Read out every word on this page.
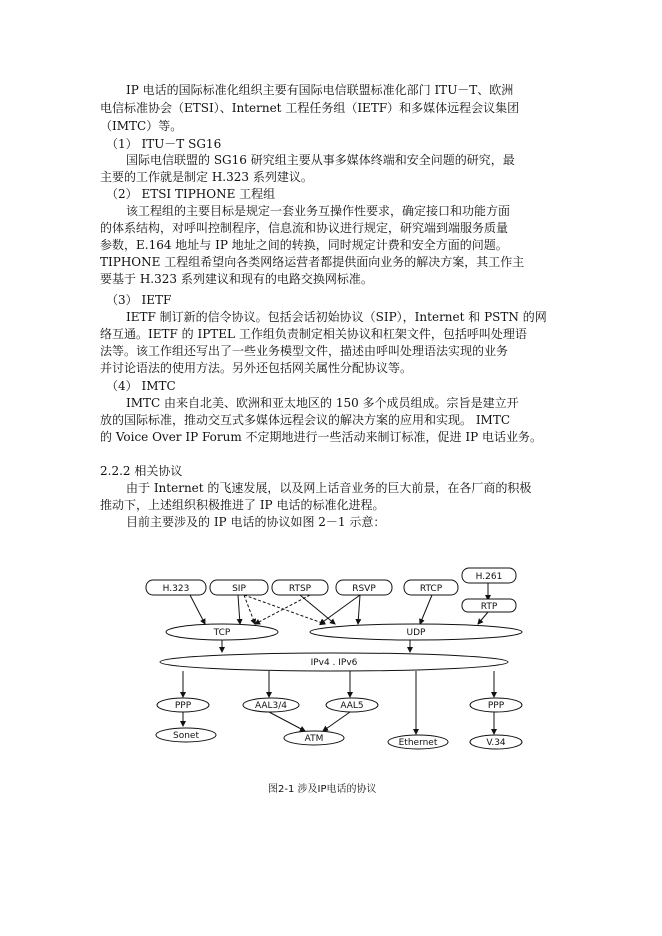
IP 电话的国际标准化组织主要有国际电信联盟标准化部门 ITU－T、欧洲
电信标准协会（ETSI）、Internet 工程任务组（IETF）和多媒体远程会议集团
（IMTC）等。
（1） ITU－T SG16
国际电信联盟的 SG16 研究组主要从事多媒体终端和安全问题的研究，最
主要的工作就是制定 H.323 系列建议。
（2） ETSI TIPHONE 工程组
该工程组的主要目标是规定一套业务互操作性要求，确定接口和功能方面
的体系结构，对呼叫控制程序，信息流和协议进行规定，研究端到端服务质量
参数，E.164 地址与 IP 地址之间的转换，同时规定计费和安全方面的问题。
TIPHONE 工程组希望向各类网络运营者都提供面向业务的解决方案，其工作主
要基于 H.323 系列建议和现有的电路交换网标准。
（3） IETF
IETF 制订新的信令协议。包括会话初始协议（SIP），Internet 和 PSTN 的网
络互通。IETF 的 IPTEL 工作组负责制定相关协议和杠架文件，包括呼叫处理语
法等。该工作组还写出了一些业务模型文件，描述由呼叫处理语法实现的业务
并讨论语法的使用方法。另外还包括网关属性分配协议等。
（4） IMTC
IMTC 由来自北美、欧洲和亚太地区的 150 多个成员组成。宗旨是建立开
放的国际标准，推动交互式多媒体远程会议的解决方案的应用和实现。 IMTC
的 Voice Over IP Forum 不定期地进行一些活动来制订标准，促进 IP 电话业务。
2.2.2 相关协议
由于 Internet 的飞速发展，以及网上话音业务的巨大前景，在各厂商的积极
推动下，上述组织积极推进了 IP 电话的标准化进程。
目前主要涉及的 IP 电话的协议如图 2－1 示意：
H.323	SIP	RTSP	RSVP	RTCP
H.261
RTP
TCP	UDP
IPv4 . IPv6
PPP	AAL3/4	AAL5	PPP
Sonet	ATM	Ethernet	V.34
图2-1 涉及IP电话的协议
